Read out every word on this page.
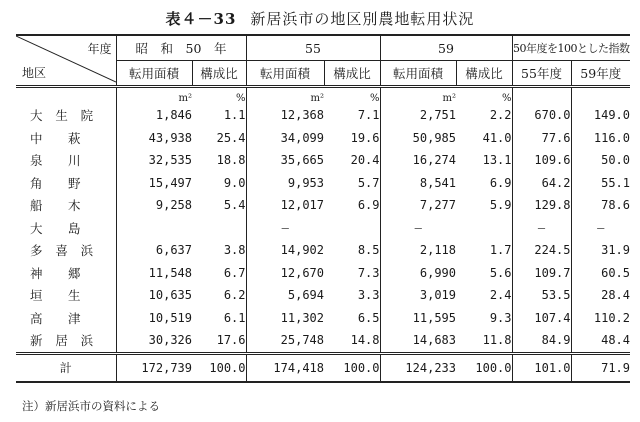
表４－33 新居浜市の地区別農地転用状況
年度
地区	昭　和　50　年		55		59		50年度を100とした指数	
	転用面積	構成比	転用面積	構成比	転用面積	構成比	55年度	59年度
	m²	%	m²	%	m²	%		

大 生 院	1,846	1.1	12,368	7.1	2,751	2.2	670.0	149.0

中 萩	43,938	25.4	34,099	19.6	50,985	41.0	77.6	116.0

泉 川	32,535	18.8	35,665	20.4	16,274	13.1	109.6	50.0

角 野	15,497	9.0	9,953	5.7	8,541	6.9	64.2	55.1

船 木	9,258	5.4	12,017	6.9	7,277	5.9	129.8	78.6

大 島			—		—		—	—

多 喜 浜	6,637	3.8	14,902	8.5	2,118	1.7	224.5	31.9

神 郷	11,548	6.7	12,670	7.3	6,990	5.6	109.7	60.5

垣 生	10,635	6.2	5,694	3.3	3,019	2.4	53.5	28.4

高 津	10,519	6.1	11,302	6.5	11,595	9.3	107.4	110.2

新 居 浜	30,326	17.6	25,748	14.8	14,683	11.8	84.9	48.4
計	172,739	100.0	174,418	100.0	124,233	100.0	101.0	71.9
注）新居浜市の資料による
